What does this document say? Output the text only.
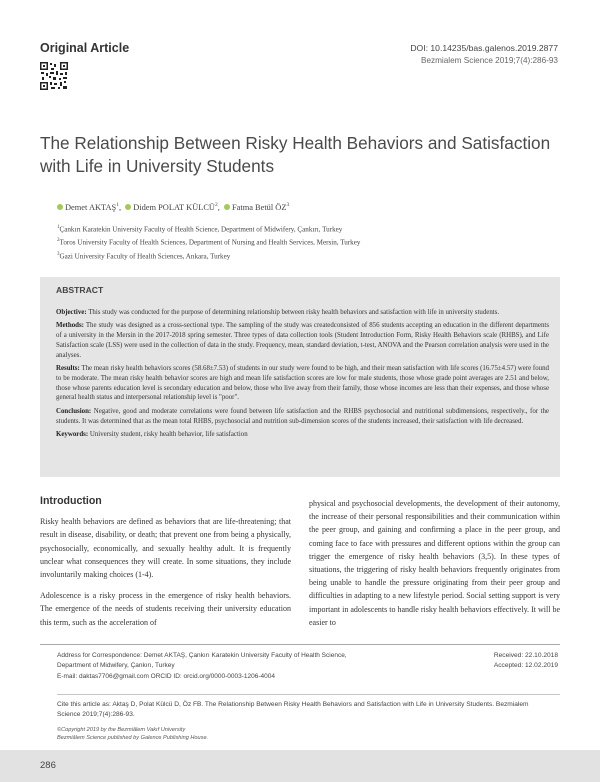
Original Article	DOI: 10.14235/bas.galenos.2019.2877
Bezmialem Science 2019;7(4):286-93
The Relationship Between Risky Health Behaviors and Satisfaction with Life in University Students
Demet AKTAŞ$^1$,  Didem POLAT KÜLCÜ$^2$,  Fatma Betül $ÖZ^3$
$^1$Çankırı Karatekin University Faculty of Health Science, Department of Midwifery, Çankırı, Turkey
$^2$Toros University Faculty of Health Sciences, Department of Nursing and Health Services, Mersin, Turkey
$^3$Gazi University Faculty of Health Sciences, Ankara, Turkey
ABSTRACT

Objective: This study was conducted for the purpose of determining relationship between risky health behaviors and satisfaction with life in university students.

Methods: The study was designed as a cross-sectional type. The sampling of the study was createdconsisted of 856 students accepting an education in the different departments of a university in the Mersin in the 2017-2018 spring semester. Three types of data collection tools (Student Introduction Form, Risky Health Behaviors scale (RHBS), and Life Satisfaction scale (LSS) were used in the collection of data in the study. Frequency, mean, standard deviation, t-test, ANOVA and the Pearson correlation analysis were used in the analyses.

Results: The mean risky health behaviors scores (58.68±7.53) of students in our study were found to be high, and their mean satisfaction with life scores (16.75±4.57) were found to be moderate. The mean risky health behavior scores are high and mean life satisfaction scores are low for male students, those whose grade point averages are 2.51 and below, those whose parents education level is secondary education and below, those who live away from their family, those whose incomes are less than their expenses, and those whose general health status and interpersonal relationship level is "poor".

Conclusion: Negative, good and moderate correlations were found between life satisfaction and the RHBS psychosocial and nutritional subdimensions, respectively., for the students. It was determined that as the mean total RHBS, psychosocial and nutrition sub-dimension scores of the students increased, their satisfaction with life decreased.

Keywords: University student, risky health behavior, life satisfaction

Introduction

Risky health behaviors are defined as behaviors that are life-threatening; that result in disease, disability, or death; that prevent one from being a physically, psychosocially, economically, and sexually healthy adult. It is frequently unclear what consequences they will create. In some situations, they include involuntarily making choices (1-4).

Adolescence is a risky process in the emergence of risky health behaviors. The emergence of the needs of students receiving their university education this term, such as the acceleration of

physical and psychosocial developments, the development of their autonomy, the increase of their personal responsibilities and their communication within the peer group, and gaining and confirming a place in the peer group, and coming face to face with pressures and different options within the group can trigger the emergence of risky health behaviors (3,5). In these types of situations, the triggering of risky health behaviors frequently originates from being unable to handle the pressure originating from their peer group and difficulties in adapting to a new lifestyle period. Social setting support is very important in adolescents to handle risky health behaviors effectively. It will be easier to

Address for Correspondence: Demet AKTAŞ, Çankırı Karatekin University Faculty of Health Science,
Department of Midwifery, Çankırı, Turkey
E-mail: daktas7706@gmail.com ORCID ID: orcid.org/0000-0003-1206-4004
Received: 22.10.2018
Accepted: 12.02.2019
Cite this article as: Aktaş D, Polat Külcü D, Öz FB. The Relationship Between Risky Health Behaviors and Satisfaction with Life in University Students. Bezmialem Science 2019;7(4):286-93.
©Copyright 2019 by the Bezmiâlem Vakıf University
Bezmiâlem Science published by Galenos Publishing House.
286
